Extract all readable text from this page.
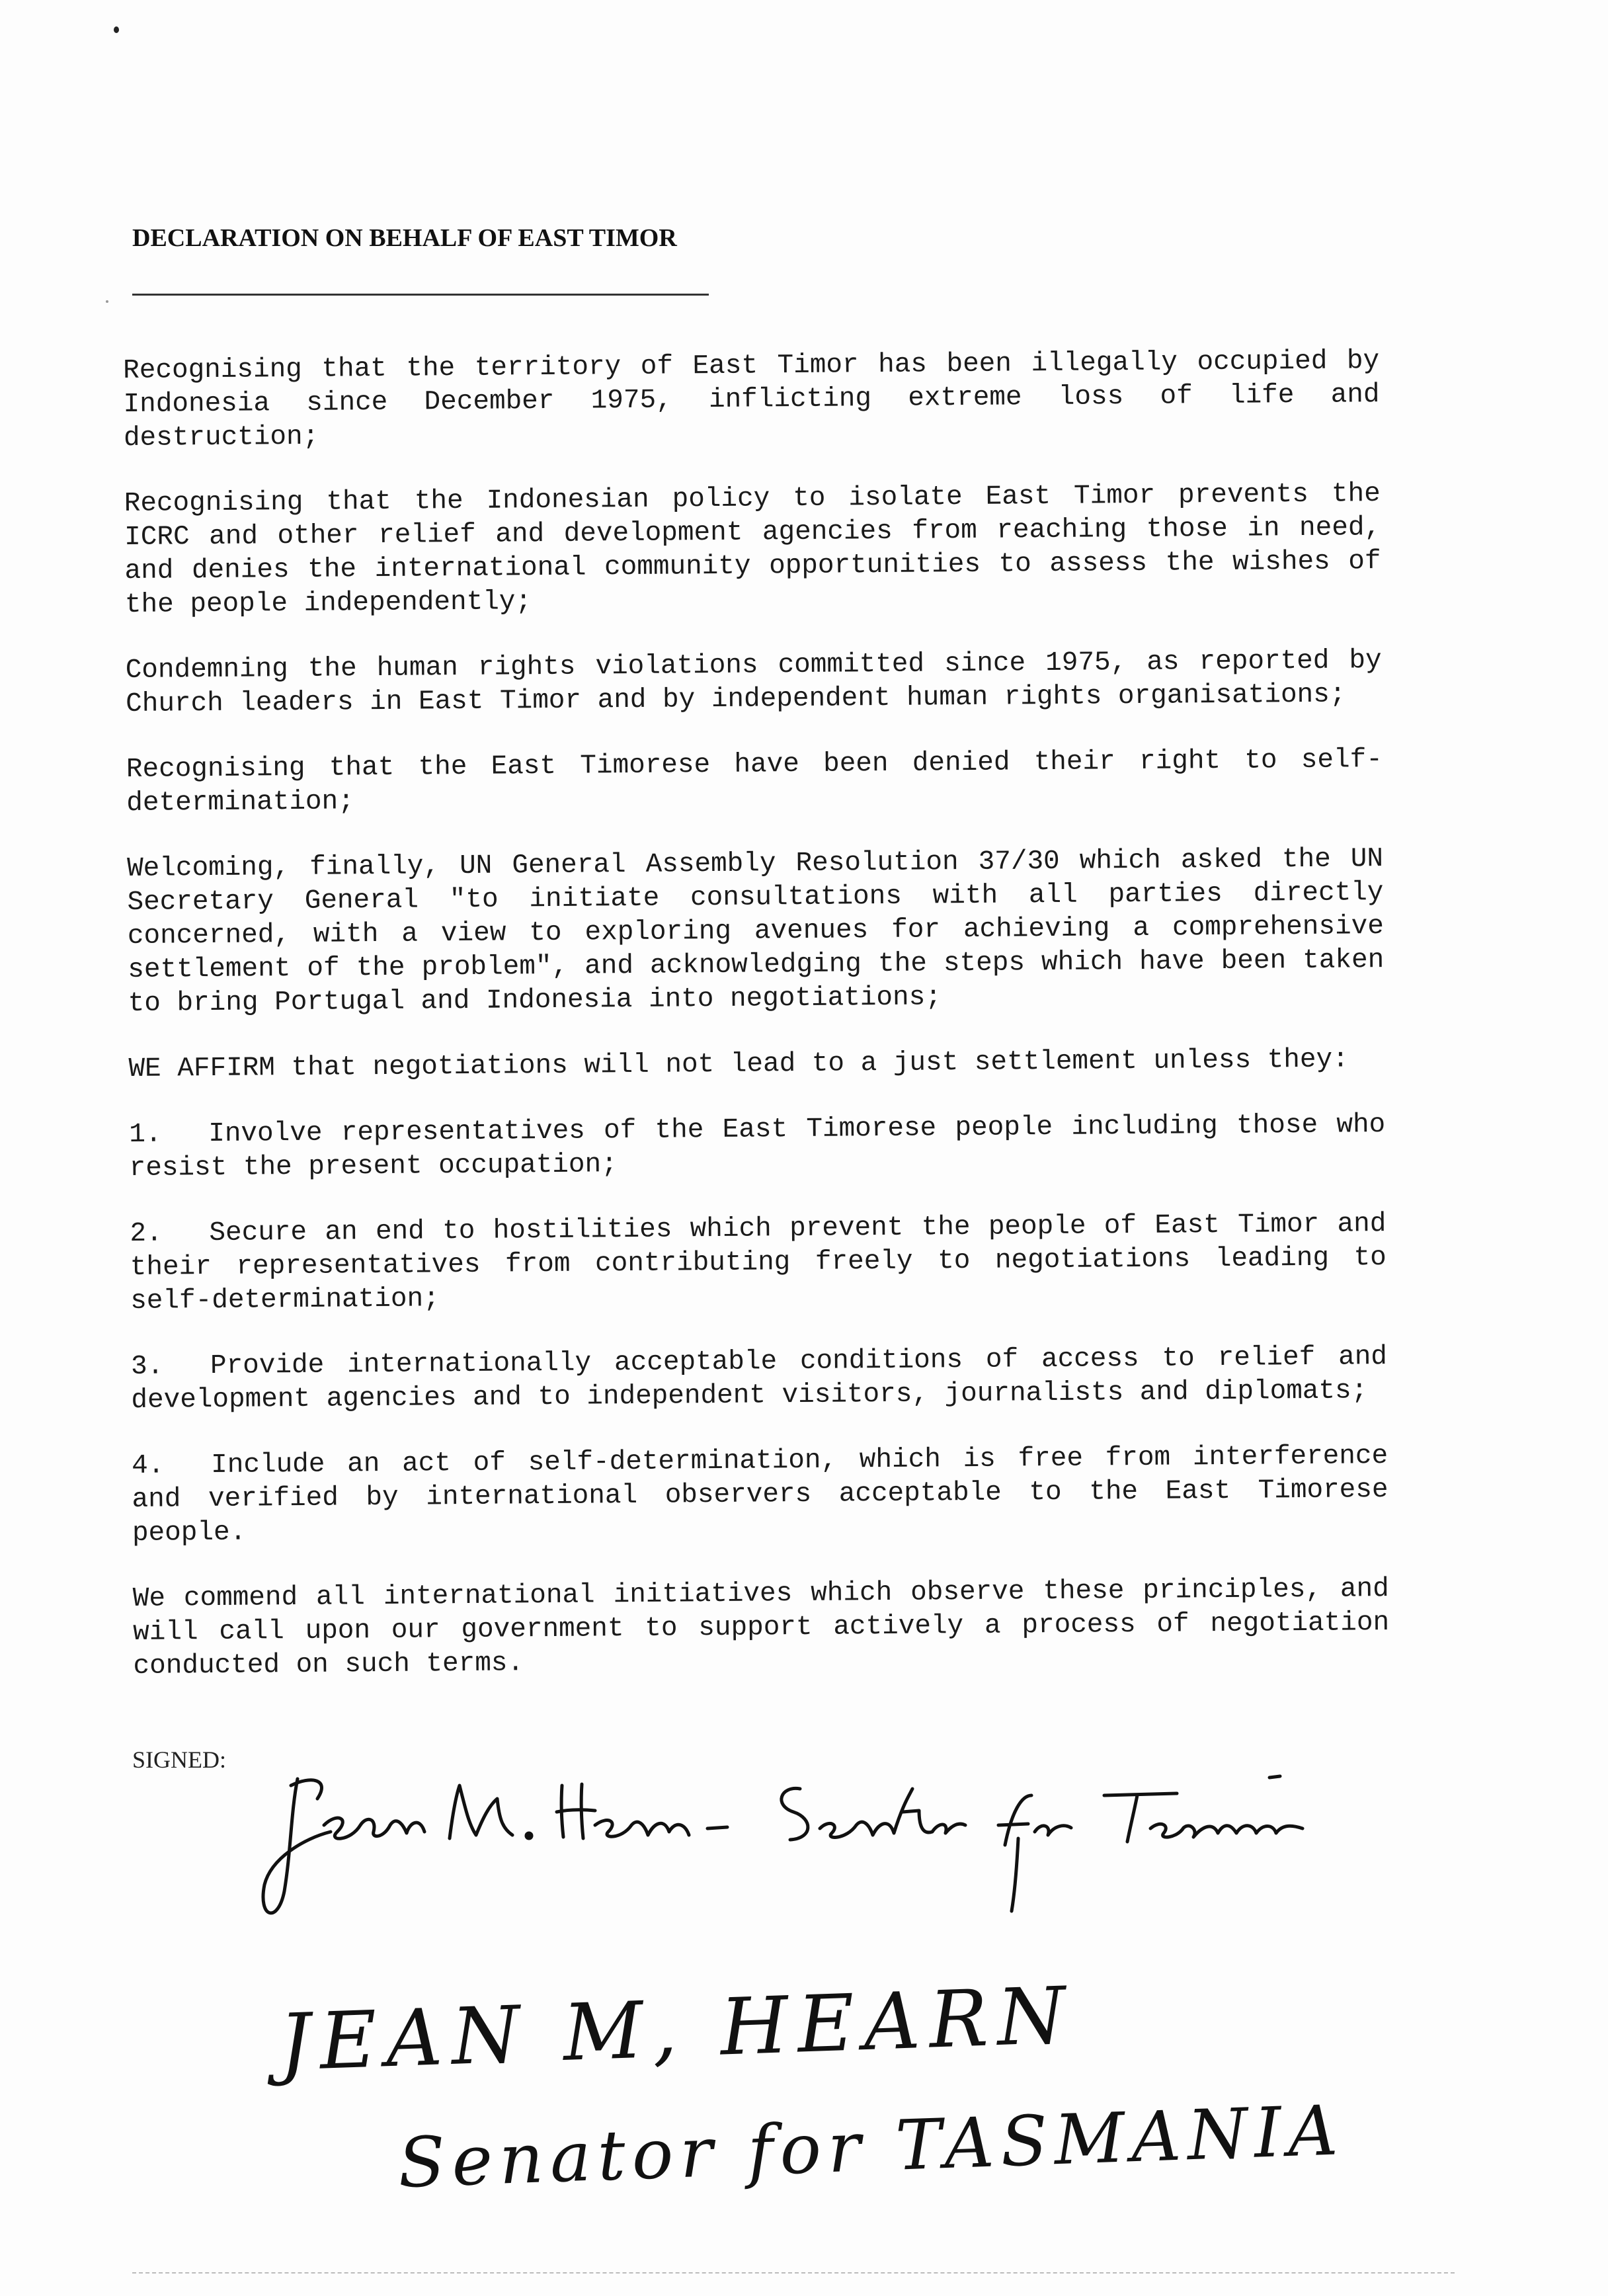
DECLARATION ON BEHALF OF EAST TIMOR

Recognising that the territory of East Timor has been illegally occupied by Indonesia since December 1975, inflicting extreme loss of life and destruction;

Recognising that the Indonesian policy to isolate East Timor prevents the ICRC and other relief and development agencies from reaching those in need, and denies the international community opportunities to assess the wishes of the people independently;

Condemning the human rights violations committed since 1975, as reported by Church leaders in East Timor and by independent human rights organisations;

Recognising that the East Timorese have been denied their right to self-determination;

Welcoming, finally, UN General Assembly Resolution 37/30 which asked the UN Secretary General "to initiate consultations with all parties directly concerned, with a view to exploring avenues for achieving a comprehensive settlement of the problem", and acknowledging the steps which have been taken to bring Portugal and Indonesia into negotiations;

WE AFFIRM that negotiations will not lead to a just settlement unless they:

1. Involve representatives of the East Timorese people including those who resist the present occupation;

2. Secure an end to hostilities which prevent the people of East Timor and their representatives from contributing freely to negotiations leading to self-determination;

3. Provide internationally acceptable conditions of access to relief and development agencies and to independent visitors, journalists and diplomats;

4. Include an act of self-determination, which is free from interference and verified by international observers acceptable to the East Timorese people.

We commend all international initiatives which observe these principles, and will call upon our government to support actively a process of negotiation conducted on such terms.

SIGNED:
JEAN M, HEARN
Senator for TASMANIA
